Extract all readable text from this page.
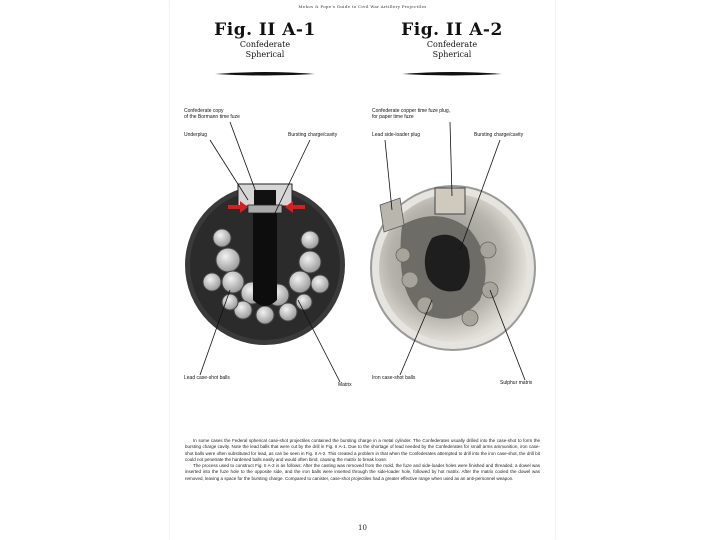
Mehos & Pope's Guide to Civil War Artillery Projectiles
Fig. II A-1
Confederate
Spherical
Fig. II A-2
Confederate
Spherical
Confederate copy
of the Bormann time fuze
Underplug	Bursting charge/cavity
Lead case-shot balls
Matrix
Confederate copper time fuze plug,
for paper time fuze
Lead side-loader plug	Bursting charge/cavity
Iron case-shot balls
Sulphur matrix

In some cases the Federal spherical case-shot projectiles contained the bursting charge in a metal cylinder. The Confederates usually drilled into the case-shot to form the bursting charge cavity. Note the lead balls that were cut by the drill in Fig. II A-1. Due to the shortage of lead needed by the Confederates for small arms ammunition, iron case-shot balls were often substituted for lead, as can be seen in Fig. II A-2. This created a problem in that when the Confederates attempted to drill into the iron case-shot, the drill bit could not penetrate the hardened balls easily and would often bind, causing the matrix to break loose.

The process used to construct Fig. II A-2 is as follows: After the casting was removed from the mold, the fuze and side-loader holes were finished and threaded, a dowel was inserted into the fuze hole to the opposite side, and the iron balls were inserted through the side-loader hole, followed by hot matrix. After the matrix cooled the dowel was removed, leaving a space for the bursting charge. Compared to canister, case-shot projectiles had a greater effective range when used as an anti-personnel weapon.

10
